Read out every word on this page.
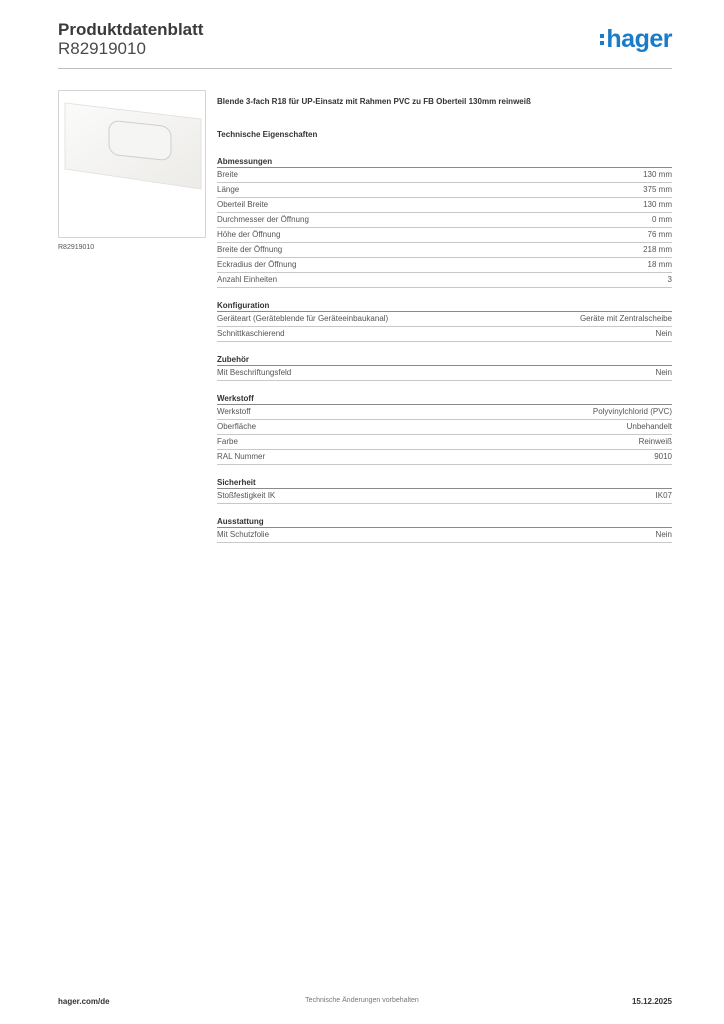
Produktdatenblatt
R82919010	hager
R82919010
Blende 3-fach R18 für UP-Einsatz mit Rahmen PVC zu FB Oberteil 130mm reinweiß
Technische Eigenschaften
Abmessungen
Breite	130 mm
Länge	375 mm
Oberteil Breite	130 mm
Durchmesser der Öffnung	0 mm
Höhe der Öffnung	76 mm
Breite der Öffnung	218 mm
Eckradius der Öffnung	18 mm
Anzahl Einheiten	3
Konfiguration
Geräteart (Geräteblende für Geräteeinbaukanal)	Geräte mit Zentralscheibe
Schnittkaschierend	Nein
Zubehör
Mit Beschriftungsfeld	Nein
Werkstoff
Werkstoff	Polyvinylchlorid (PVC)
Oberfläche	Unbehandelt
Farbe	Reinweiß
RAL Nummer	9010
Sicherheit
Stoßfestigkeit IK	IK07
Ausstattung
Mit Schutzfolie	Nein
hager.com/de	Technische Änderungen vorbehalten	15.12.2025
